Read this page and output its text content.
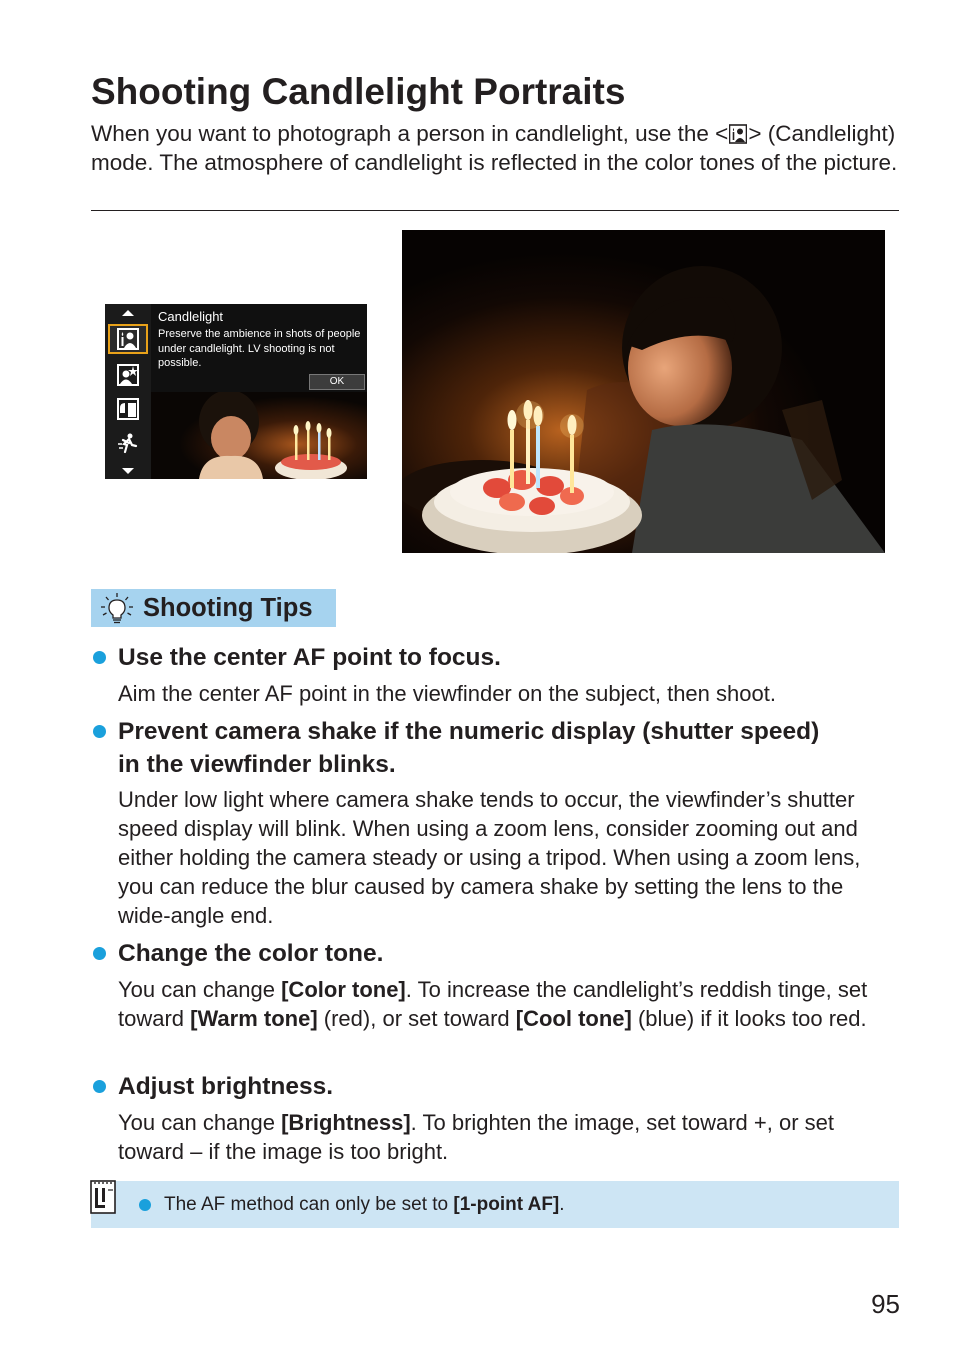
Shooting Candlelight Portraits
When you want to photograph a person in candlelight, use the < > (Candlelight) mode. The atmosphere of candlelight is reflected in the color tones of the picture.
Candlelight
Preserve the ambience in shots of people under candlelight. LV shooting is not possible.
OK
Shooting Tips
Use the center AF point to focus.
Aim the center AF point in the viewfinder on the subject, then shoot.
Prevent camera shake if the numeric display (shutter speed)
in the viewfinder blinks.
Under low light where camera shake tends to occur, the viewfinder’s shutter speed display will blink. When using a zoom lens, consider zooming out and either holding the camera steady or using a tripod. When using a zoom lens, you can reduce the blur caused by camera shake by setting the lens to the wide-angle end.
Change the color tone.
You can change [Color tone]. To increase the candlelight’s reddish tinge, set toward [Warm tone] (red), or set toward [Cool tone] (blue) if it looks too red.
Adjust brightness.
You can change [Brightness]. To brighten the image, set toward +, or set toward – if the image is too bright.
The AF method can only be set to [1-point AF].
95
